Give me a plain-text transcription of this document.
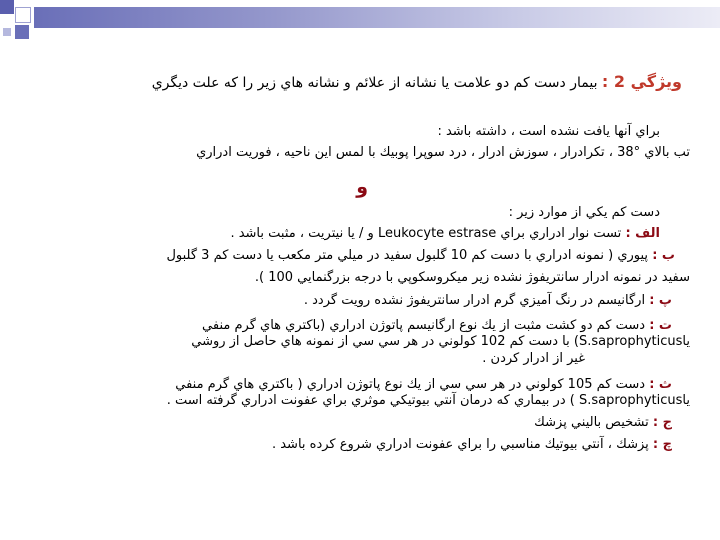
ويژگي 2 : بيمار دست كم دو علامت يا نشانه از علائم و نشانه هاي زير را كه علت ديگري
براي آنها يافت نشده است ، داشته باشد :
تب بالاي °38 ، تكرادرار ، سوزش ادرار ، درد سوپرا پوبيك با لمس اين ناحيه ، فوريت ادراري
و
دست كم يكي از موارد زير :
الف : تست نوار ادراري براي Leukocyte estrase و / يا نيتريت ، مثبت باشد .
ب : پيوري ( نمونه ادراري با دست كم 10 گلبول سفيد در ميلي متر مكعب يا دست كم 3 گلبول
سفيد در نمونه ادرار سانتريفوژ نشده زير ميكروسكوپي با درجه بزرگنمايي 100 ).
پ : ارگانيسم در رنگ آميزي گرم ادرار سانتريفوژ نشده رويت گردد .
ت : دست كم دو كشت مثبت از يك نوع ارگانيسم پاتوژن ادراري (باكتري هاي گرم منفي
ياS.saprophyticus) با دست كم 102 كولوني در هر سي سي از نمونه هاي حاصل از روشي
غير از ادرار كردن .
ث : دست كم 105 كولوني در هر سي سي از يك نوع پاتوژن ادراري ( باكتري هاي گرم منفي
ياS.saprophyticus ) در بيماري كه درمان آنتي بيوتيكي موثري براي عفونت ادراري گرفته است .
ج : تشخيص باليني پزشك
چ : پزشك ، آنتي بيوتيك مناسبي را براي عفونت ادراري شروع كرده باشد .
